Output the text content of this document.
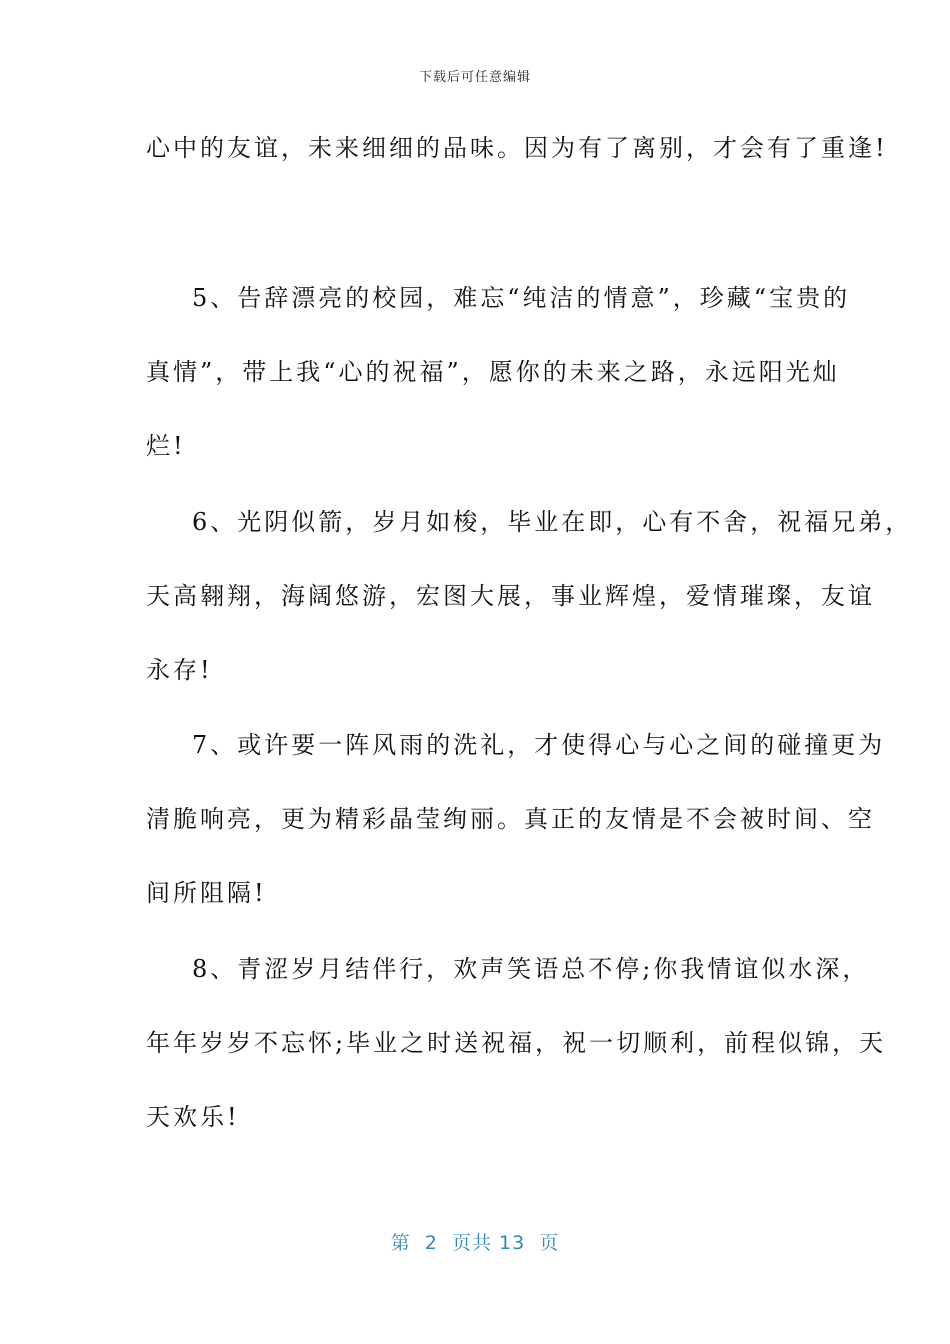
下载后可任意编辑
心中的友谊，未来细细的品味。因为有了离别，才会有了重逢!
5、告辞漂亮的校园，难忘“纯洁的情意”，珍藏“宝贵的
真情”，带上我“心的祝福”，愿你的未来之路，永远阳光灿
烂!
6、光阴似箭，岁月如梭，毕业在即，心有不舍，祝福兄弟，
天高翱翔，海阔悠游，宏图大展，事业辉煌，爱情璀璨，友谊
永存!
7、或许要一阵风雨的洗礼，才使得心与心之间的碰撞更为
清脆响亮，更为精彩晶莹绚丽。真正的友情是不会被时间、空
间所阻隔!
8、青涩岁月结伴行，欢声笑语总不停;你我情谊似水深，
年年岁岁不忘怀;毕业之时送祝福，祝一切顺利，前程似锦，天
天欢乐!
第  2  页共 13  页
